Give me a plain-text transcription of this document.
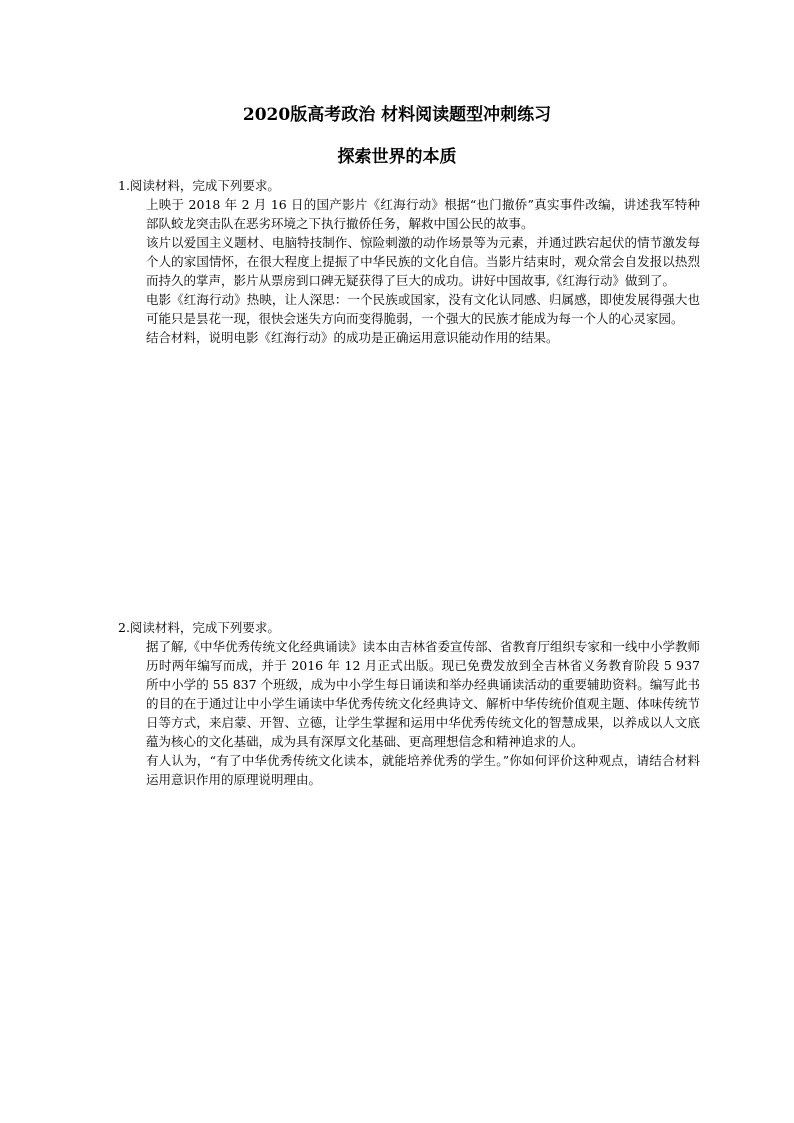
2020版高考政治 材料阅读题型冲刺练习
探索世界的本质

1.阅读材料，完成下列要求。

上映于 2018 年 2 月 16 日的国产影片《红海行动》根据“也门撤侨”真实事件改编，讲述我军特种部队蛟龙突击队在恶劣环境之下执行撤侨任务，解救中国公民的故事。

该片以爱国主义题材、电脑特技制作、惊险刺激的动作场景等为元素，并通过跌宕起伏的情节激发每个人的家国情怀，在很大程度上提振了中华民族的文化自信。当影片结束时，观众常会自发报以热烈而持久的掌声，影片从票房到口碑无疑获得了巨大的成功。讲好中国故事,《红海行动》做到了。

电影《红海行动》热映，让人深思：一个民族或国家，没有文化认同感、归属感，即使发展得强大也可能只是昙花一现，很快会迷失方向而变得脆弱，一个强大的民族才能成为每一个人的心灵家园。

结合材料，说明电影《红海行动》的成功是正确运用意识能动作用的结果。

2.阅读材料，完成下列要求。

据了解,《中华优秀传统文化经典诵读》读本由吉林省委宣传部、省教育厅组织专家和一线中小学教师历时两年编写而成，并于 2016 年 12 月正式出版。现已免费发放到全吉林省义务教育阶段 5 937 所中小学的 55 837 个班级，成为中小学生每日诵读和举办经典诵读活动的重要辅助资料。编写此书的目的在于通过让中小学生诵读中华优秀传统文化经典诗文、解析中华传统价值观主题、体味传统节日等方式，来启蒙、开智、立德，让学生掌握和运用中华优秀传统文化的智慧成果，以养成以人文底蕴为核心的文化基础，成为具有深厚文化基础、更高理想信念和精神追求的人。

有人认为，“有了中华优秀传统文化读本，就能培养优秀的学生。”你如何评价这种观点，请结合材料运用意识作用的原理说明理由。
